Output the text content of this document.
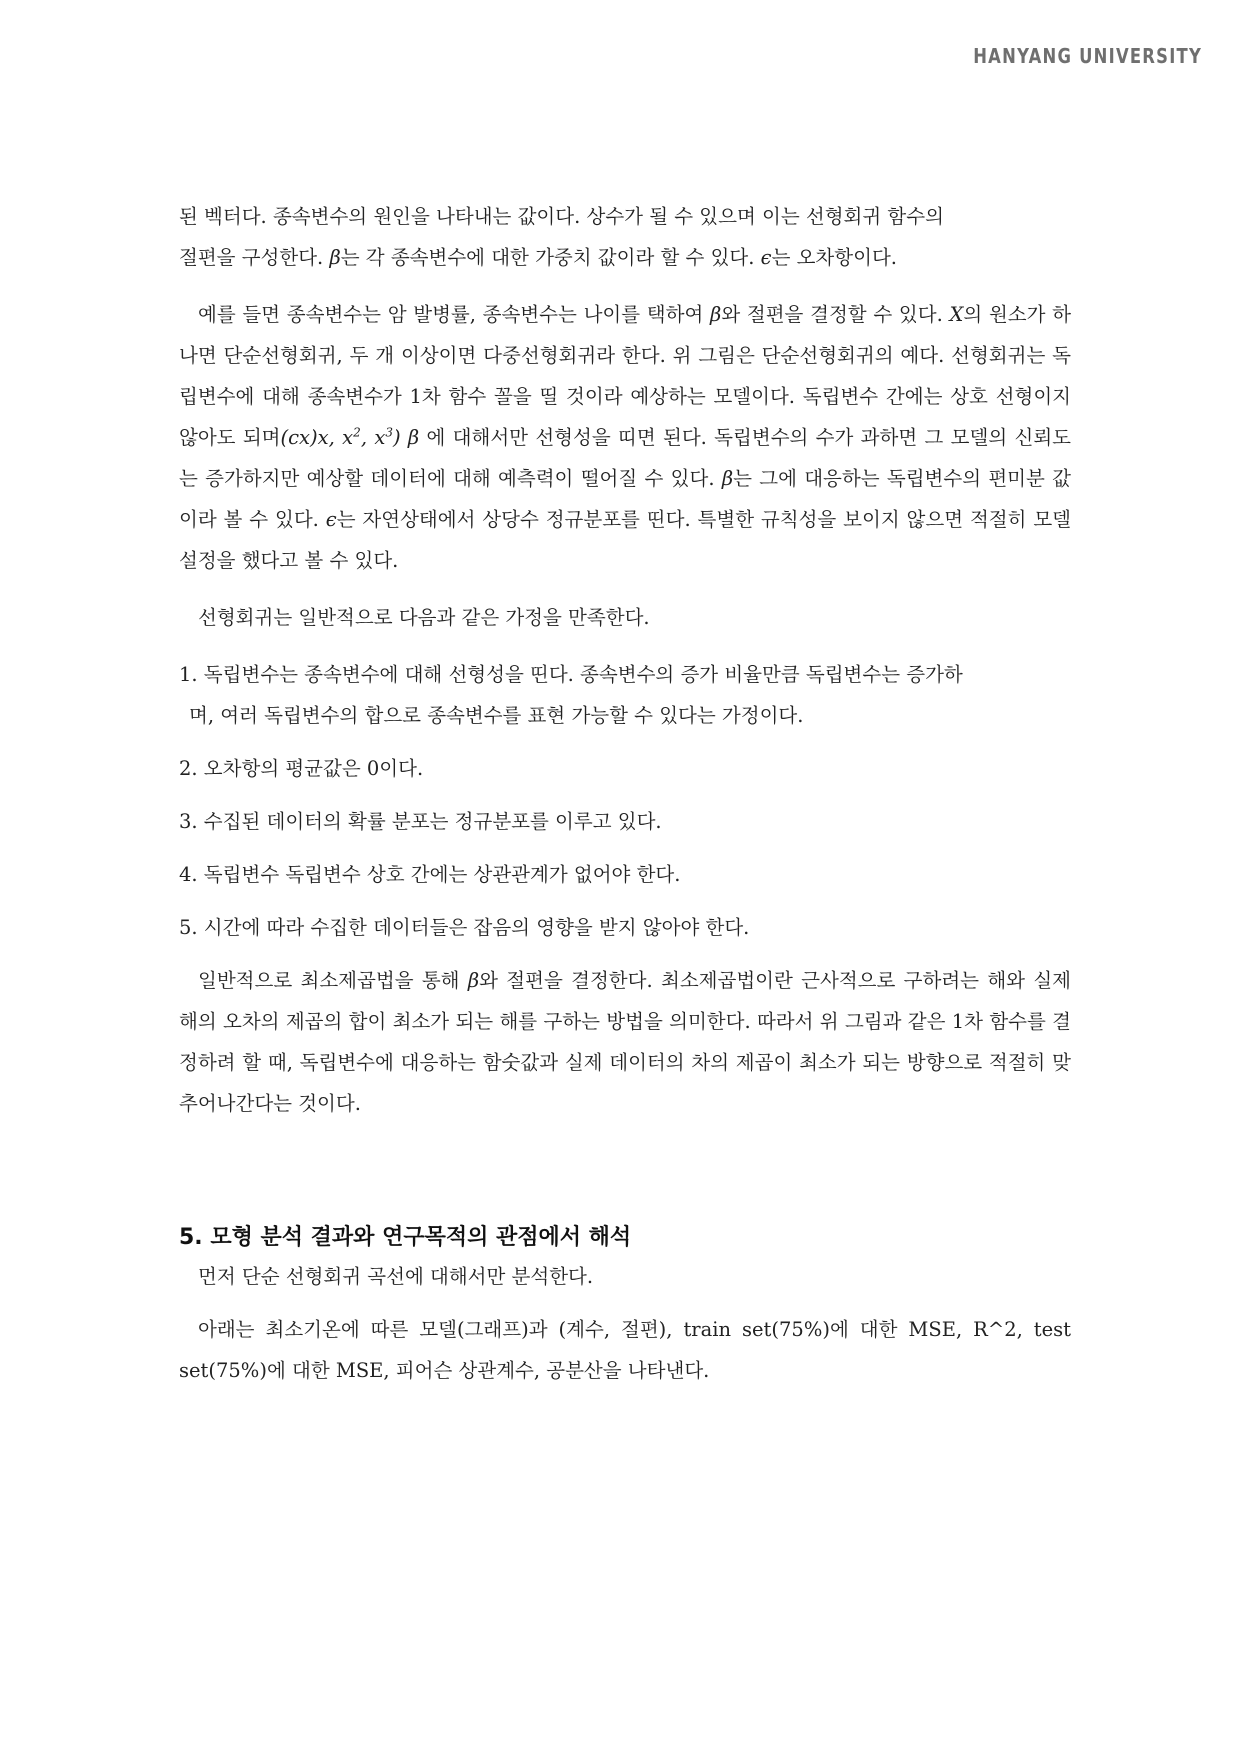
HANYANG UNIVERSITY

된 벡터다. 종속변수의 원인을 나타내는 값이다. 상수가 될 수 있으며 이는 선형회귀 함수의
절편을 구성한다. β는 각 종속변수에 대한 가중치 값이라 할 수 있다. ϵ는 오차항이다.

예를 들면 종속변수는 암 발병률, 종속변수는 나이를 택하여 β와 절편을 결정할 수 있다. X의 원소가 하나면 단순선형회귀, 두 개 이상이면 다중선형회귀라 한다. 위 그림은 단순선형회귀의 예다. 선형회귀는 독립변수에 대해 종속변수가 1차 함수 꼴을 띨 것이라 예상하는 모델이다. 독립변수 간에는 상호 선형이지 않아도 되며(cx)x, $x^2$, $x^3$) β 에 대해서만 선형성을 띠면 된다. 독립변수의 수가 과하면 그 모델의 신뢰도는 증가하지만 예상할 데이터에 대해 예측력이 떨어질 수 있다. β는 그에 대응하는 독립변수의 편미분 값이라 볼 수 있다. ϵ는 자연상태에서 상당수 정규분포를 띤다. 특별한 규칙성을 보이지 않으면 적절히 모델 설정을 했다고 볼 수 있다.

선형회귀는 일반적으로 다음과 같은 가정을 만족한다.

1. 독립변수는 종속변수에 대해 선형성을 띤다. 종속변수의 증가 비율만큼 독립변수는 증가하
며, 여러 독립변수의 합으로 종속변수를 표현 가능할 수 있다는 가정이다.
2. 오차항의 평균값은 0이다.
3. 수집된 데이터의 확률 분포는 정규분포를 이루고 있다.
4. 독립변수 독립변수 상호 간에는 상관관계가 없어야 한다.
5. 시간에 따라 수집한 데이터들은 잡음의 영향을 받지 않아야 한다.

일반적으로 최소제곱법을 통해 β와 절편을 결정한다. 최소제곱법이란 근사적으로 구하려는 해와 실제 해의 오차의 제곱의 합이 최소가 되는 해를 구하는 방법을 의미한다. 따라서 위 그림과 같은 1차 함수를 결정하려 할 때, 독립변수에 대응하는 함숫값과 실제 데이터의 차의 제곱이 최소가 되는 방향으로 적절히 맞추어나간다는 것이다.

5. 모형 분석 결과와 연구목적의 관점에서 해석

먼저 단순 선형회귀 곡선에 대해서만 분석한다.

아래는 최소기온에 따른 모델(그래프)과 (계수, 절편), train set(75%)에 대한 MSE, R^2, test set(75%)에 대한 MSE, 피어슨 상관계수, 공분산을 나타낸다.
